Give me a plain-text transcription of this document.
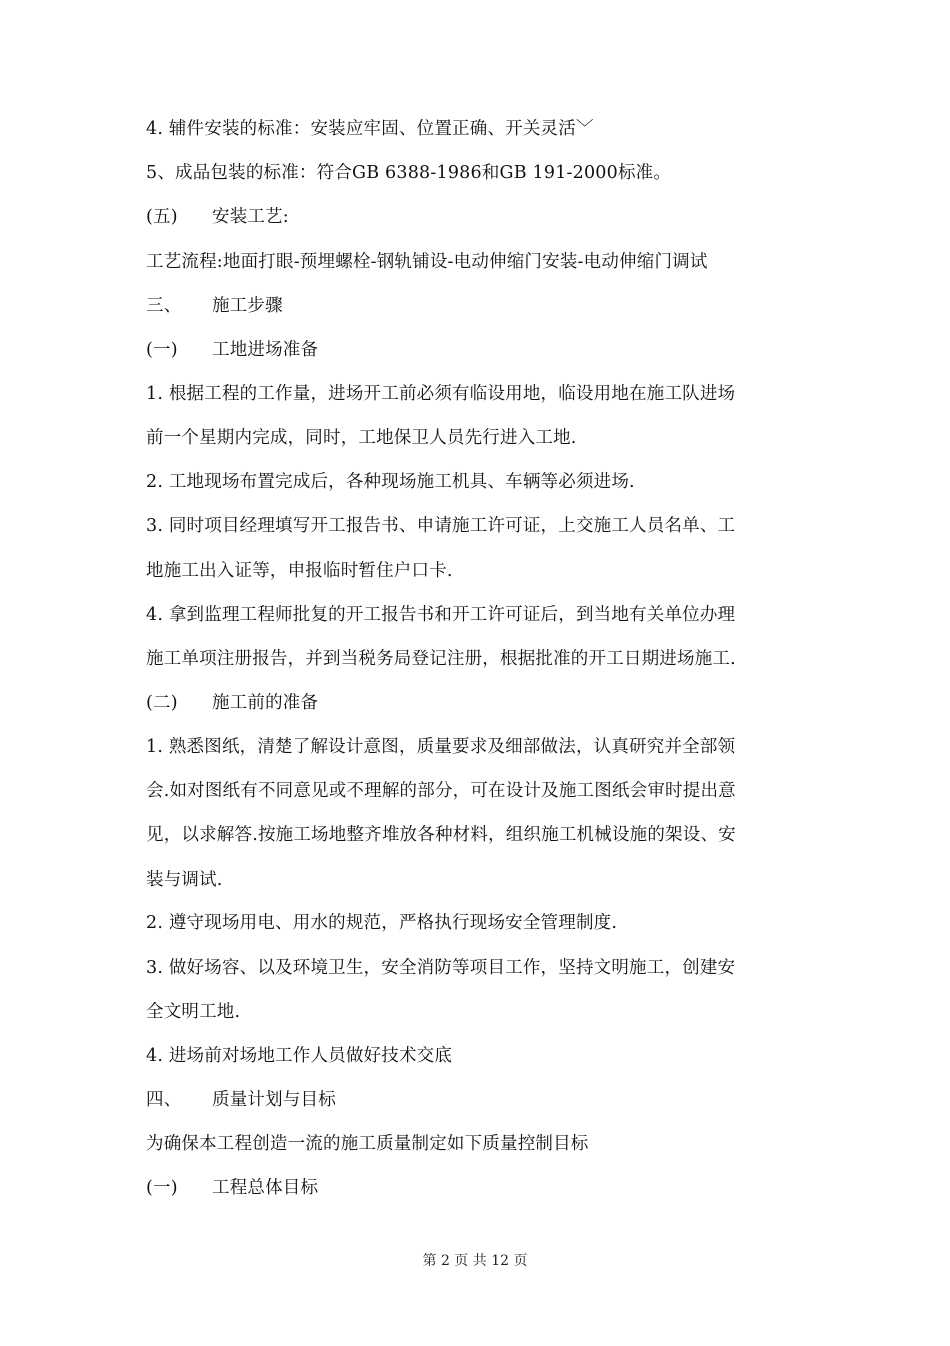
4. 辅件安装的标准：安装应牢固、位置正确、开关灵活﹀
5、成品包装的标准：符合GB 6388-1986和GB 191-2000标准。
(五) 安装工艺:
工艺流程:地面打眼-预埋螺栓-钢轨铺设-电动伸缩门安装-电动伸缩门调试
三、 施工步骤
(一) 工地进场准备
1. 根据工程的工作量，进场开工前必须有临设用地，临设用地在施工队进场
前一个星期内完成，同时，工地保卫人员先行进入工地.
2. 工地现场布置完成后，各种现场施工机具、车辆等必须进场.
3. 同时项目经理填写开工报告书、申请施工许可证，上交施工人员名单、工
地施工出入证等，申报临时暂住户口卡.
4. 拿到监理工程师批复的开工报告书和开工许可证后，到当地有关单位办理
施工单项注册报告，并到当税务局登记注册，根据批准的开工日期进场施工.
(二) 施工前的准备
1. 熟悉图纸，清楚了解设计意图，质量要求及细部做法，认真研究并全部领
会.如对图纸有不同意见或不理解的部分，可在设计及施工图纸会审时提出意
见，以求解答.按施工场地整齐堆放各种材料，组织施工机械设施的架设、安
装与调试.
2. 遵守现场用电、用水的规范，严格执行现场安全管理制度.
3. 做好场容、以及环境卫生，安全消防等项目工作，坚持文明施工，创建安
全文明工地.
4. 进场前对场地工作人员做好技术交底
四、 质量计划与目标
为确保本工程创造一流的施工质量制定如下质量控制目标
(一) 工程总体目标
第 2 页 共 12 页
